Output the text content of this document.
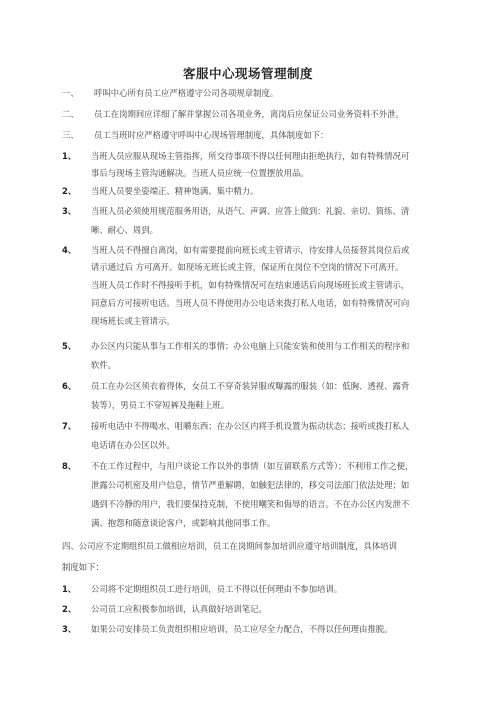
客服中心现场管理制度
一、 呼叫中心所有员工应严格遵守公司各项规章制度。
二、 员工在岗期间应详细了解并掌握公司各项业务，离岗后应保证公司业务资料不外泄。
三、 员工当班时应严格遵守呼叫中心现场管理制度，具体制度如下：
1、 当班人员应服从现场主管指挥，所交待事项不得以任何理由拒绝执行，如有特殊情况可
事后与现场主管沟通解决。当班人员应统一位置摆放用品。
2、 当班人员要坐姿端正、精神饱满、集中精力。
3、 当班人员必须使用规范服务用语，从语气、声调、应答上做到：礼貌、亲切、简练、清
晰、耐心、周到。
4、 当班人员不得擅自离岗，如有需要提前向班长或主管请示，待安排人员接替其岗位后或
请示通过后 方可离开。如现场无班长或主管，保证所在岗位不空岗的情况下可离开。
当班人员工作时不得接听手机，如有特殊情况可在结束通话后向现场班长或主管请示，
同意后方可接听电话。当班人员不得使用办公电话来拨打私人电话，如有特殊情况可向
现场班长或主管请示。
5、 办公区内只能从事与工作相关的事情；办公电脑上只能安装和使用与工作相关的程序和
软件。
6、 员工在办公区须衣着得体，女员工不穿奇装异服或曝露的服装（如：低胸、透视、露背
装等），男员工不穿短裤及拖鞋上班。
7、 接听电话中不得喝水、咀嚼东西；在办公区内将手机设置为振动状态；接听或拨打私人
电话请在办公区以外。
8、 不在工作过程中，与用户谈论工作以外的事情（如互留联系方式等）；不利用工作之便，
泄露公司机密及用户信息，情节严重解聘，如触犯法律的，移交司法部门依法处理；如
遇到不冷静的用户，我们要保持克制，不使用嘲笑和侮辱的语言。不在办公区内发泄不
满、抱怨和随意谈论客户，或影响其他同事工作。
四、公司应不定期组织员工做相应培训，员工在岗期间参加培训应遵守培训制度，具体培训
制度如下：
1、 公司将不定期组织员工进行培训，员工不得以任何理由不参加培训。
2、 公司员工应积极参加培训，认真做好培训笔记。
3、 如果公司安排员工负责组织相应培训，员工应尽全力配合，不得以任何理由推脱。
